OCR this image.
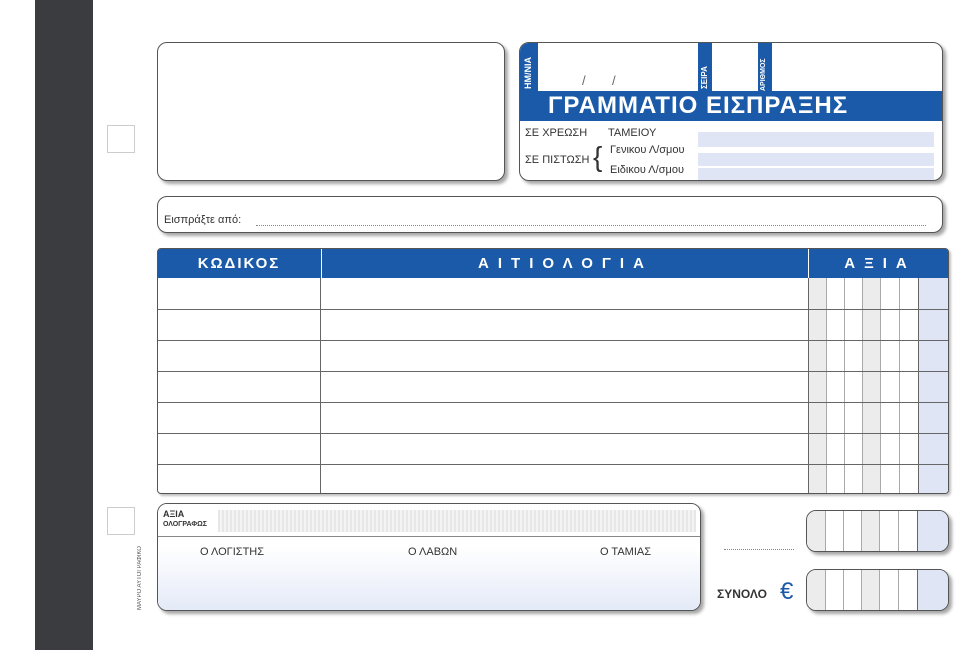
ΜΑΥΡΟ ΑΥΤΟΓΡΑΦΙΚΟ
ΗΜ/ΝΙΑ	ΣΕΙΡΑ	ΑΡΙΘΜΟΣ
/ /
ΓΡΑΜΜΑΤΙΟ ΕΙΣΠΡΑΞΗΣ
ΣΕ ΧΡΕΩΣΗ ΤΑΜΕΙΟΥ
ΣΕ ΠΙΣΤΩΣΗ { Γενικου Λ/σμου
Ειδικου Λ/σμου
Εισπράξτε από:
ΚΩΔΙΚΟΣ	ΑΙΤΙΟΛΟΓΙΑ	ΑΞΙΑ
ΑΞΙΑ
ΟΛΟΓΡΑΦΩΣ
Ο ΛΟΓΙΣΤΗΣ	Ο ΛΑΒΩΝ	Ο ΤΑΜΙΑΣ
ΣΥΝΟΛΟ €
